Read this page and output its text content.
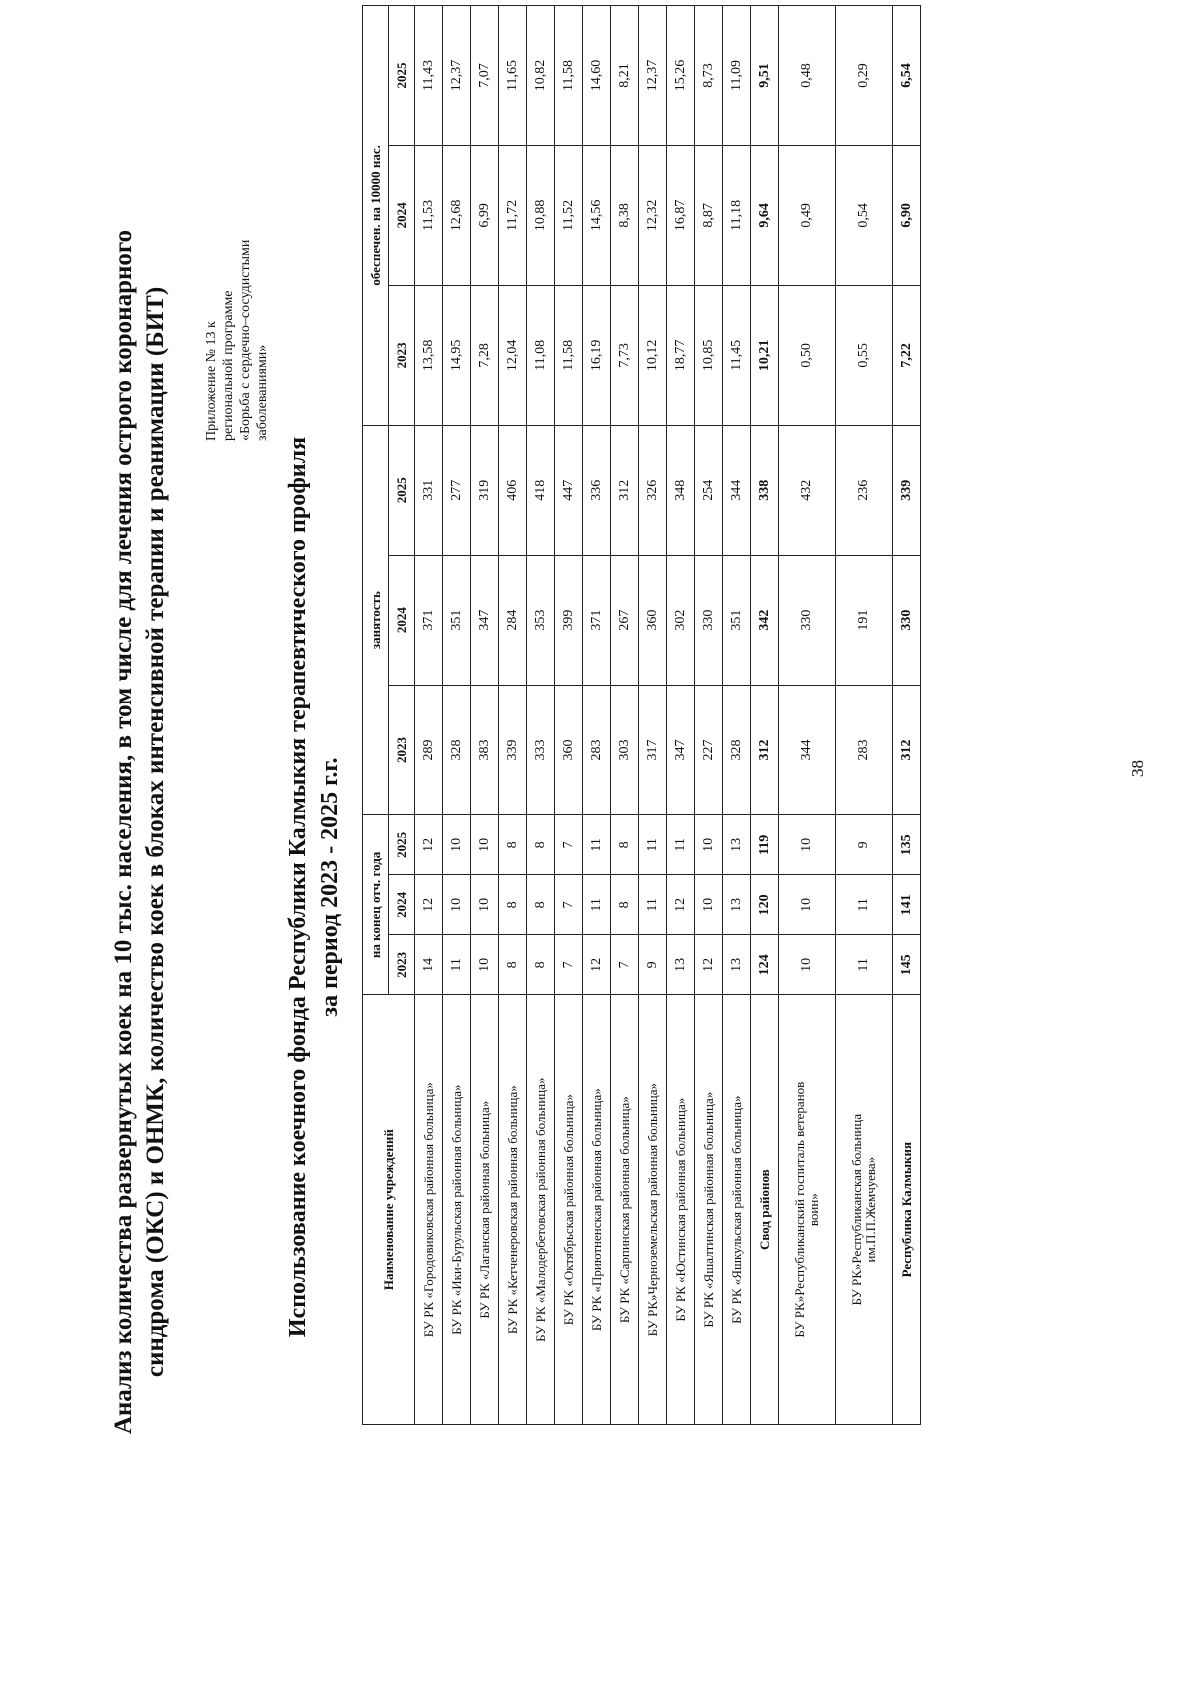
Анализ количества развернутых коек на 10 тыс. населения, в том числе для лечения острого коронарного синдрома (ОКС) и ОНМК, количество коек в блоках интенсивной терапии и реанимации (БИТ)	Приложение № 13 к региональной программе «Борьба с сердечно–сосудистыми заболеваниями»
Использование коечного фонда Республики Калмыкия терапевтического профиля за период 2023 - 2025 г.г.
Наименование учреждений	на конец отч. года			занятость			обеспечен. на 10000 нас.		
	2023	2024	2025	2023	2024	2025	2023	2024	2025
БУ РК «Городовиковская районная больница»	14	12	12	289	371	331	13,58	11,53	11,43
БУ РК «Ики-Бурульская районная больница»	11	10	10	328	351	277	14,95	12,68	12,37
БУ РК «Лаганская районная больница»	10	10	10	383	347	319	7,28	6,99	7,07
БУ РК «Кетченеровская районная больница»	8	8	8	339	284	406	12,04	11,72	11,65
БУ РК «Малодербетовская районная больница»	8	8	8	333	353	418	11,08	10,88	10,82
БУ РК «Октябрьская районная больница»	7	7	7	360	399	447	11,58	11,52	11,58
БУ РК «Приютненская районная больница»	12	11	11	283	371	336	16,19	14,56	14,60
БУ РК «Сарпинская районная больница»	7	8	8	303	267	312	7,73	8,38	8,21
БУ РК»Черноземельская районная больница»	9	11	11	317	360	326	10,12	12,32	12,37
БУ РК «Юстинская районная больница»	13	12	11	347	302	348	18,77	16,87	15,26
БУ РК «Яшалтинская районная больница»	12	10	10	227	330	254	10,85	8,87	8,73
БУ РК «Яшкульская районная больница»	13	13	13	328	351	344	11,45	11,18	11,09
Свод районов	124	120	119	312	342	338	10,21	9,64	9,51

БУ РК»Республиканский госпиталь ветеранов воин»	10	10	10	344	330	432	0,50	0,49	0,48

БУ РК»Республиканская больница им.П.П.Жемчуева»	11	11	9	283	191	236	0,55	0,54	0,29
Республика Калмыкия	145	141	135	312	330	339	7,22	6,90	6,54
38
